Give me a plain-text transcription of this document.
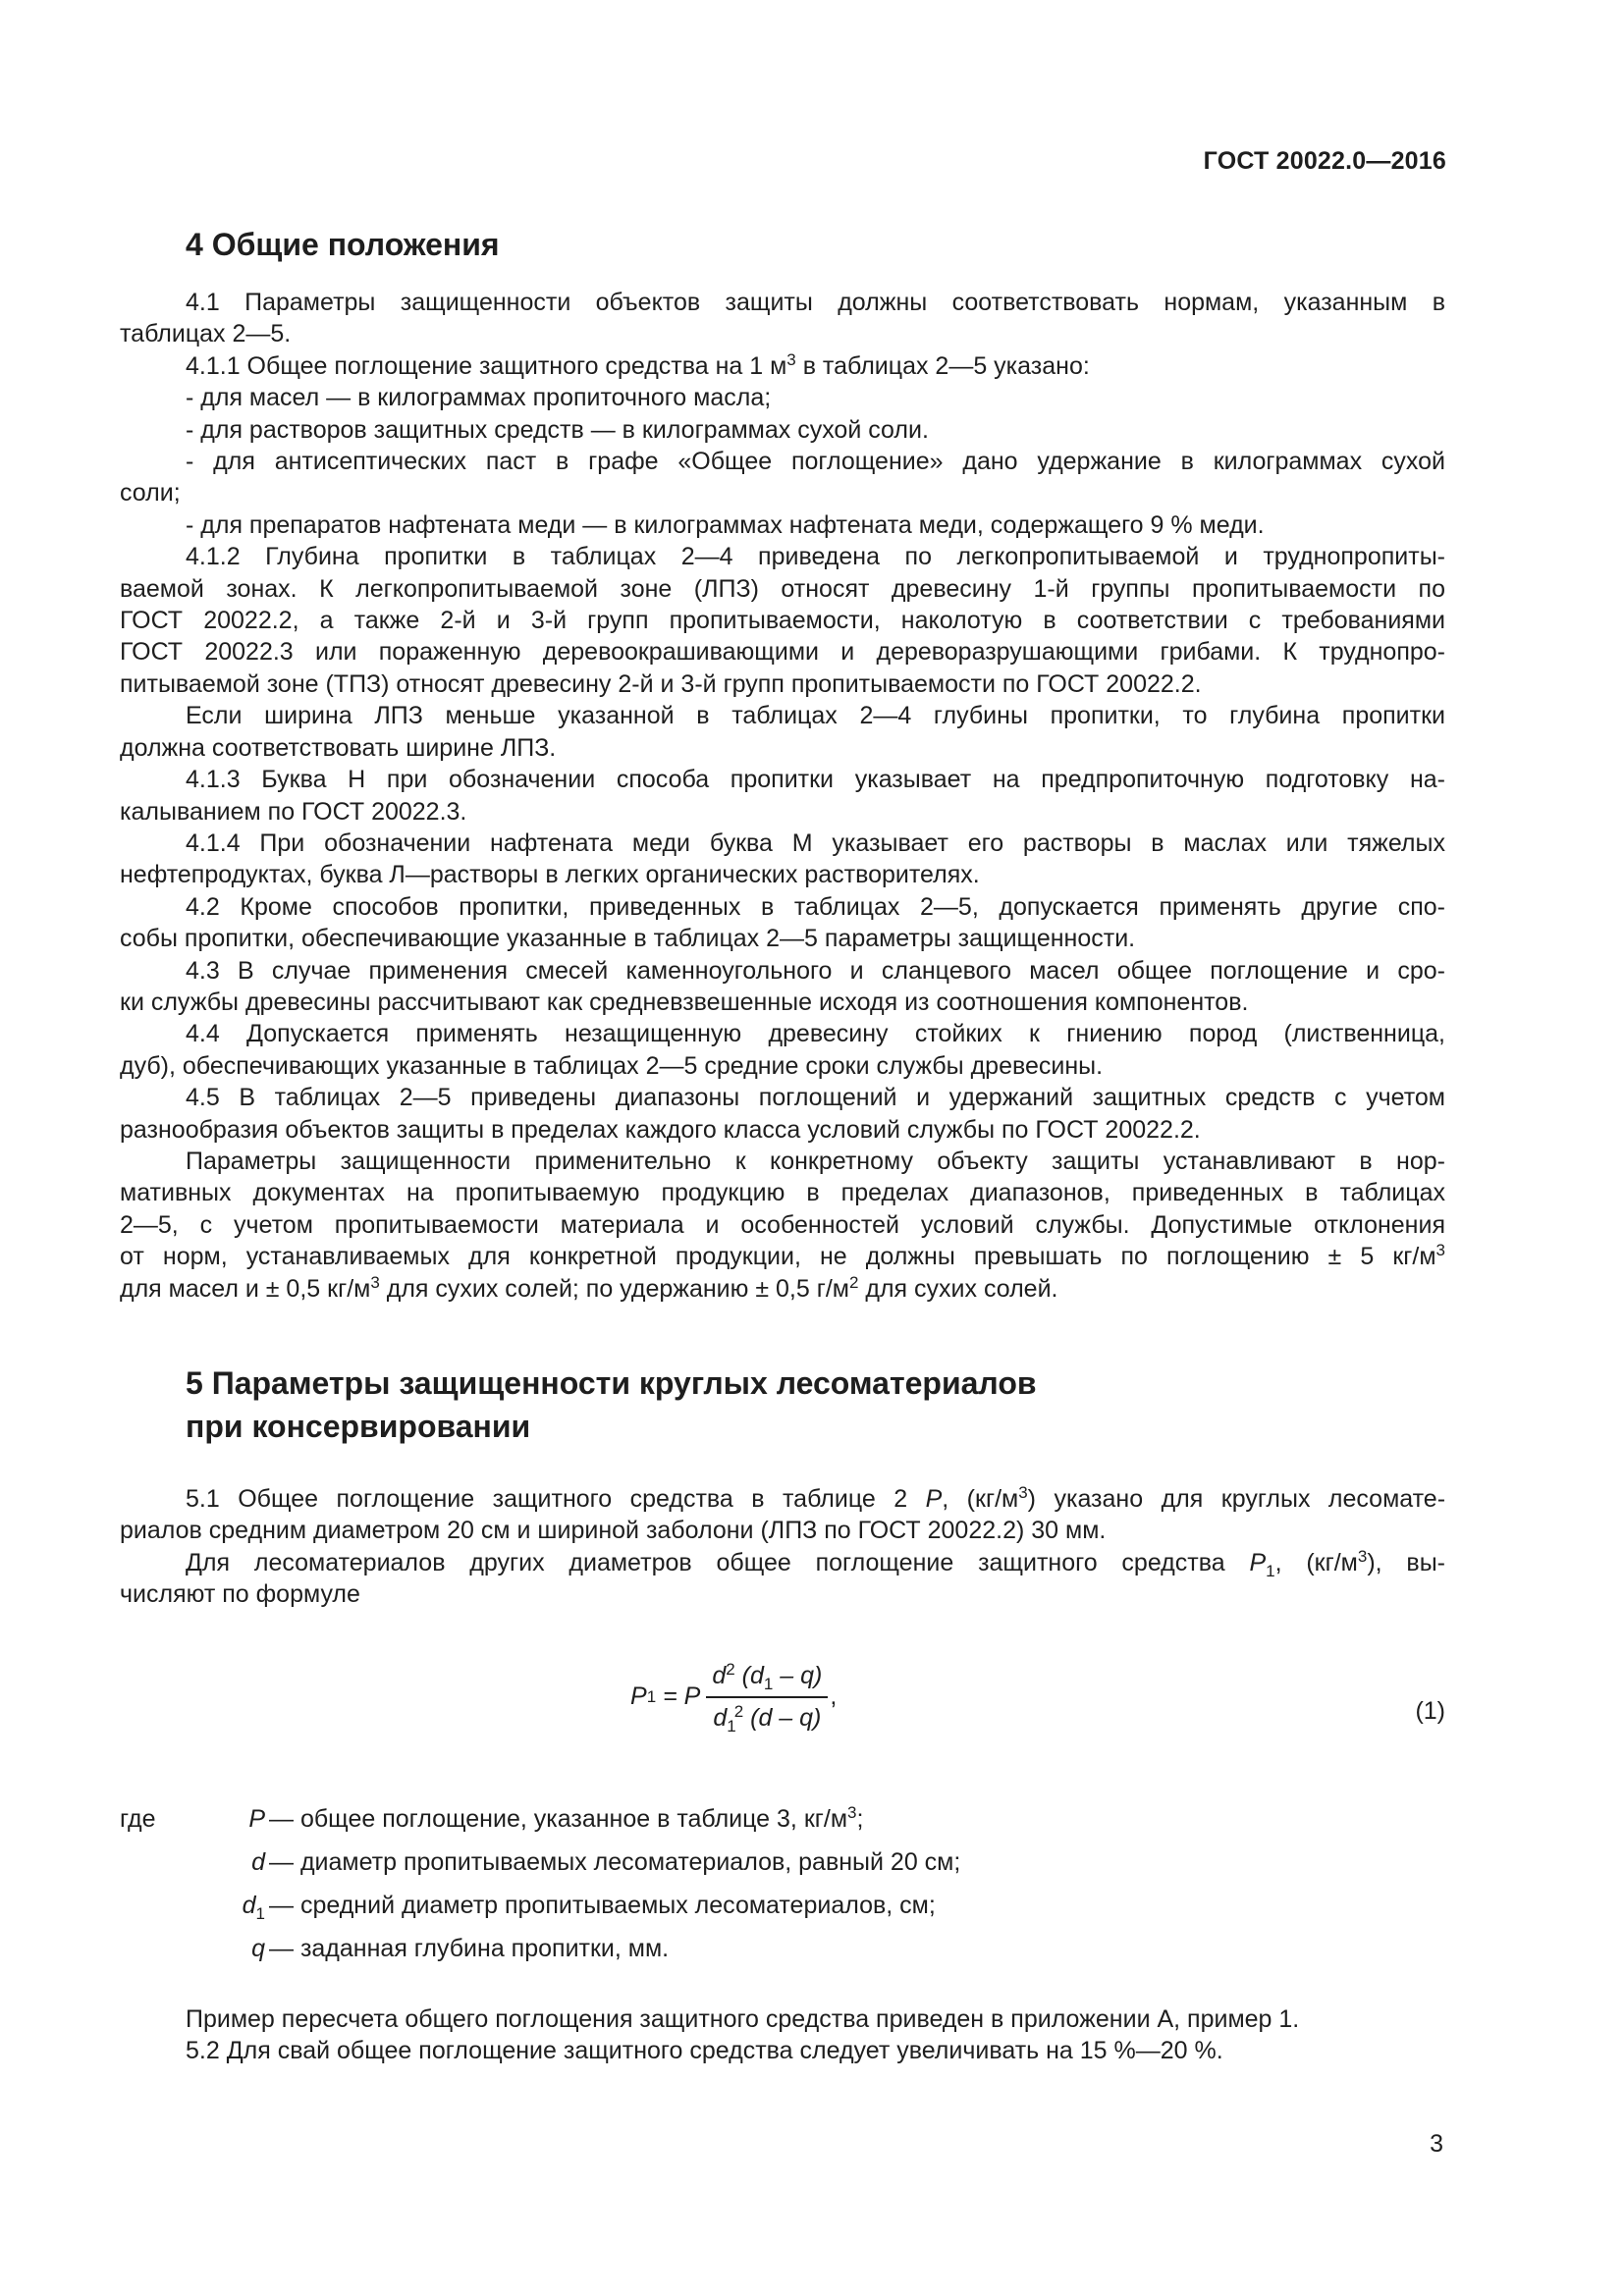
ГОСТ 20022.0—2016
4 Общие положения

4.1 Параметры защищенности объектов защиты должны соответствовать нормам, указанным в
таблицах 2—5.

4.1.1 Общее поглощение защитного средства на 1 $м^3$ в таблицах 2—5 указано:

- для масел — в килограммах пропиточного масла;

- для растворов защитных средств — в килограммах сухой соли.

- для антисептических паст в графе «Общее поглощение» дано удержание в килограммах сухой
соли;

- для препаратов нафтената меди — в килограммах нафтената меди, содержащего 9 % меди.

4.1.2 Глубина пропитки в таблицах 2—4 приведена по легкопропитываемой и труднопропиты-
ваемой зонах. К легкопропитываемой зоне (ЛПЗ) относят древесину 1-й группы пропитываемости по
ГОСТ 20022.2, а также 2-й и 3-й групп пропитываемости, наколотую в соответствии с требованиями
ГОСТ 20022.3 или пораженную деревоокрашивающими и дереворазрушающими грибами. К труднопро-
питываемой зоне (ТПЗ) относят древесину 2-й и 3-й групп пропитываемости по ГОСТ 20022.2.

Если ширина ЛПЗ меньше указанной в таблицах 2—4 глубины пропитки, то глубина пропитки
должна соответствовать ширине ЛПЗ.

4.1.3 Буква Н при обозначении способа пропитки указывает на предпропиточную подготовку на-
калыванием по ГОСТ 20022.3.

4.1.4 При обозначении нафтената меди буква М указывает его растворы в маслах или тяжелых
нефтепродуктах, буква Л—растворы в легких органических растворителях.

4.2 Кроме способов пропитки, приведенных в таблицах 2—5, допускается применять другие спо-
собы пропитки, обеспечивающие указанные в таблицах 2—5 параметры защищенности.

4.3 В случае применения смесей каменноугольного и сланцевого масел общее поглощение и сро-
ки службы древесины рассчитывают как средневзвешенные исходя из соотношения компонентов.

4.4 Допускается применять незащищенную древесину стойких к гниению пород (лиственница,
дуб), обеспечивающих указанные в таблицах 2—5 средние сроки службы древесины.

4.5 В таблицах 2—5 приведены диапазоны поглощений и удержаний защитных средств с учетом
разнообразия объектов защиты в пределах каждого класса условий службы по ГОСТ 20022.2.

Параметры защищенности применительно к конкретному объекту защиты устанавливают в нор-
мативных документах на пропитываемую продукцию в пределах диапазонов, приведенных в таблицах
2—5, с учетом пропитываемости материала и особенностей условий службы. Допустимые отклонения
от норм, устанавливаемых для конкретной продукции, не должны превышать по поглощению ± 5 $кг/м^3$
для масел и ± 0,5 $кг/м^3$ для сухих солей; по удержанию ± 0,5 $г/м^2$ для сухих солей.

5 Параметры защищенности круглых лесоматериалов
при консервировании

5.1 Общее поглощение защитного средства в таблице 2 P, $(кг/м^3)$ указано для круглых лесомате-
риалов средним диаметром 20 см и шириной заболони (ЛПЗ по ГОСТ 20022.2) 30 мм.

Для лесоматериалов других диаметров общее поглощение защитного средства $P_1$, $(кг/м^3)$, вы-
числяют по формуле

P 1 = P $\frac{d^2 (d_1 - q)}{d_1^2 (d - q)}$ ,
(1)
где	P — общее поглощение, указанное в таблице 3, $кг/м^3$;
d — диаметр пропитываемых лесоматериалов, равный 20 см;
$d_1$ — средний диаметр пропитываемых лесоматериалов, см;
q — заданная глубина пропитки, мм.

Пример пересчета общего поглощения защитного средства приведен в приложении А, пример 1.

5.2 Для свай общее поглощение защитного средства следует увеличивать на 15 %—20 %.

3
